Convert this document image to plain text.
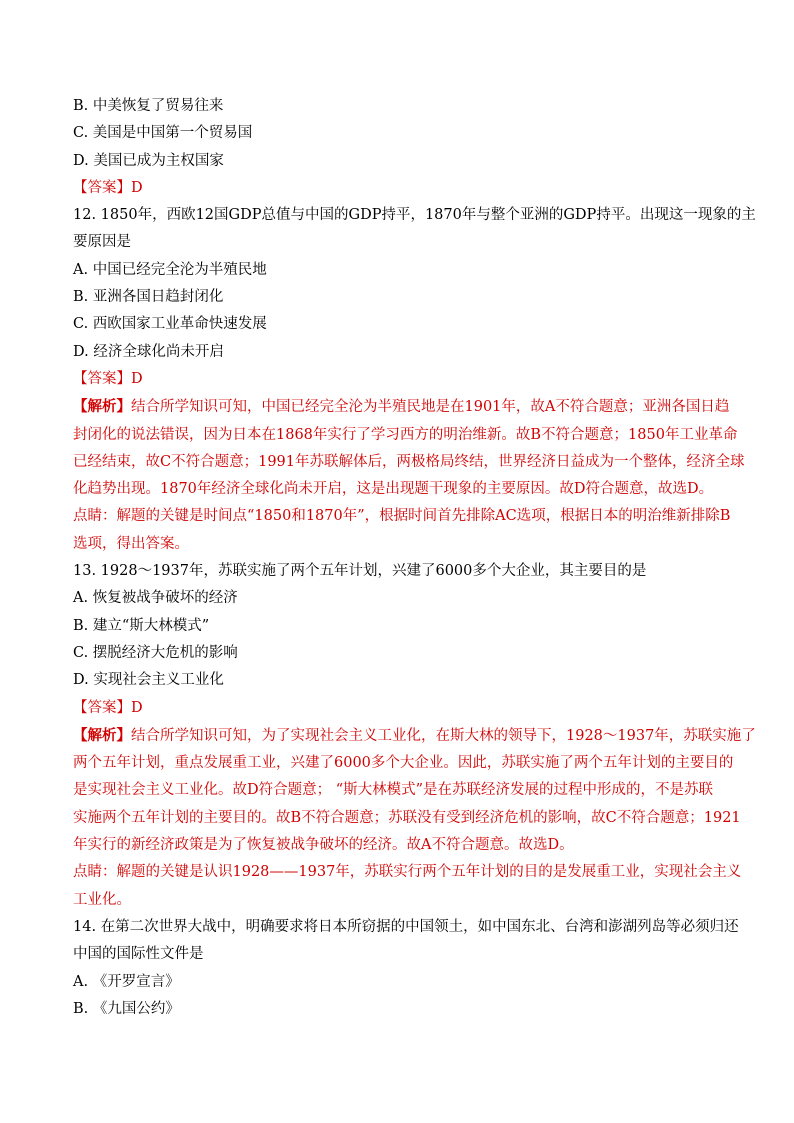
B. 中美恢复了贸易往来
C. 美国是中国第一个贸易国
D. 美国已成为主权国家
【答案】D
12. 1850年，西欧12国GDP总值与中国的GDP持平，1870年与整个亚洲的GDP持平。出现这一现象的主
要原因是
A. 中国已经完全沦为半殖民地
B. 亚洲各国日趋封闭化
C. 西欧国家工业革命快速发展
D. 经济全球化尚未开启
【答案】D
【解析】结合所学知识可知，中国已经完全沦为半殖民地是在1901年，故A不符合题意；亚洲各国日趋
封闭化的说法错误，因为日本在1868年实行了学习西方的明治维新。故B不符合题意；1850年工业革命
已经结束，故C不符合题意；1991年苏联解体后，两极格局终结，世界经济日益成为一个整体，经济全球
化趋势出现。1870年经济全球化尚未开启，这是出现题干现象的主要原因。故D符合题意，故选D。
点睛：解题的关键是时间点“1850和1870年”，根据时间首先排除AC选项，根据日本的明治维新排除B
选项，得出答案。
13. 1928～1937年，苏联实施了两个五年计划，兴建了6000多个大企业，其主要目的是
A. 恢复被战争破坏的经济
B. 建立“斯大林模式”
C. 摆脱经济大危机的影响
D. 实现社会主义工业化
【答案】D
【解析】结合所学知识可知，为了实现社会主义工业化，在斯大林的领导下，1928～1937年，苏联实施了
两个五年计划，重点发展重工业，兴建了6000多个大企业。因此，苏联实施了两个五年计划的主要目的
是实现社会主义工业化。故D符合题意； “斯大林模式”是在苏联经济发展的过程中形成的，不是苏联
实施两个五年计划的主要目的。故B不符合题意；苏联没有受到经济危机的影响，故C不符合题意；1921
年实行的新经济政策是为了恢复被战争破坏的经济。故A不符合题意。故选D。
点睛：解题的关键是认识1928——1937年，苏联实行两个五年计划的目的是发展重工业，实现社会主义
工业化。
14. 在第二次世界大战中，明确要求将日本所窃据的中国领土，如中国东北、台湾和澎湖列岛等必须归还
中国的国际性文件是
A. 《开罗宣言》
B. 《九国公约》
